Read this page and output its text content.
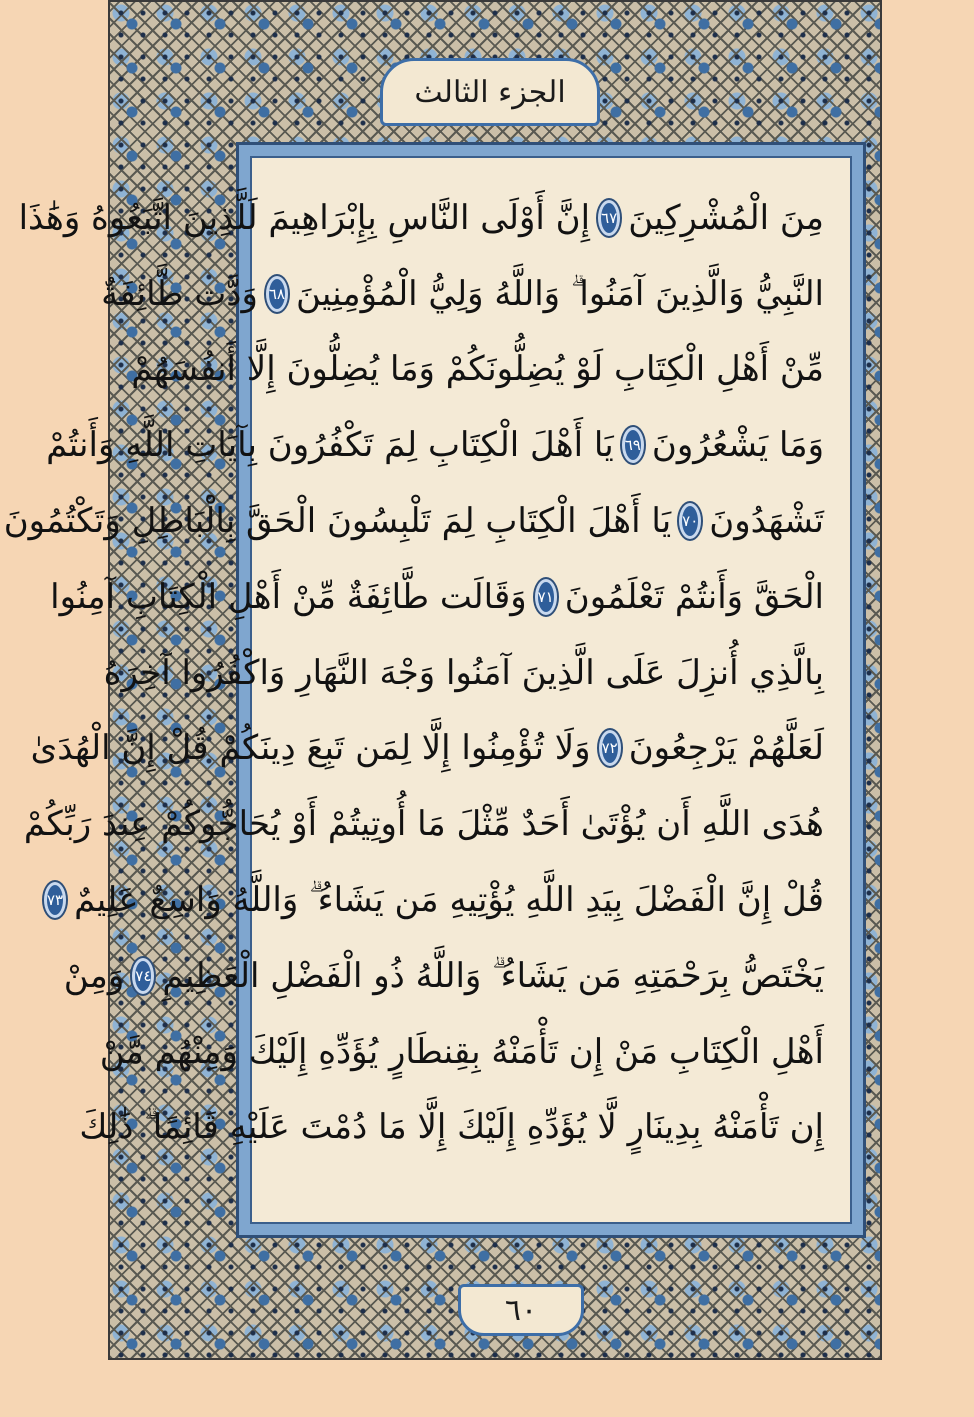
الجزء الثالث
مِنَ الْمُشْرِكِينَ
٦٧
إِنَّ أَوْلَى النَّاسِ بِإِبْرَاهِيمَ لَلَّذِينَ اتَّبَعُوهُ وَهَٰذَا
النَّبِيُّ وَالَّذِينَ آمَنُوا ۗ وَاللَّهُ وَلِيُّ الْمُؤْمِنِينَ
٦٨
وَدَّت طَّائِفَةٌ
مِّنْ أَهْلِ الْكِتَابِ لَوْ يُضِلُّونَكُمْ وَمَا يُضِلُّونَ إِلَّا أَنفُسَهُمْ
وَمَا يَشْعُرُونَ
٦٩
يَا أَهْلَ الْكِتَابِ لِمَ تَكْفُرُونَ بِآيَاتِ اللَّهِ وَأَنتُمْ
تَشْهَدُونَ
٧٠
يَا أَهْلَ الْكِتَابِ لِمَ تَلْبِسُونَ الْحَقَّ بِالْبَاطِلِ وَتَكْتُمُونَ
الْحَقَّ وَأَنتُمْ تَعْلَمُونَ
٧١
وَقَالَت طَّائِفَةٌ مِّنْ أَهْلِ الْكِتَابِ آمِنُوا
بِالَّذِي أُنزِلَ عَلَى الَّذِينَ آمَنُوا وَجْهَ النَّهَارِ وَاكْفُرُوا آخِرَهُ
لَعَلَّهُمْ يَرْجِعُونَ
٧٢
وَلَا تُؤْمِنُوا إِلَّا لِمَن تَبِعَ دِينَكُمْ قُلْ إِنَّ الْهُدَىٰ
هُدَى اللَّهِ أَن يُؤْتَىٰ أَحَدٌ مِّثْلَ مَا أُوتِيتُمْ أَوْ يُحَاجُّوكُمْ عِندَ رَبِّكُمْ
قُلْ إِنَّ الْفَضْلَ بِيَدِ اللَّهِ يُؤْتِيهِ مَن يَشَاءُ ۗ وَاللَّهُ وَاسِعٌ عَلِيمٌ
٧٣
يَخْتَصُّ بِرَحْمَتِهِ مَن يَشَاءُ ۗ وَاللَّهُ ذُو الْفَضْلِ الْعَظِيمِ
٧٤
وَمِنْ
أَهْلِ الْكِتَابِ مَنْ إِن تَأْمَنْهُ بِقِنطَارٍ يُؤَدِّهِ إِلَيْكَ وَمِنْهُم مَّنْ
إِن تَأْمَنْهُ بِدِينَارٍ لَّا يُؤَدِّهِ إِلَيْكَ إِلَّا مَا دُمْتَ عَلَيْهِ قَائِمًا ۗ ذَٰلِكَ
٦٠
